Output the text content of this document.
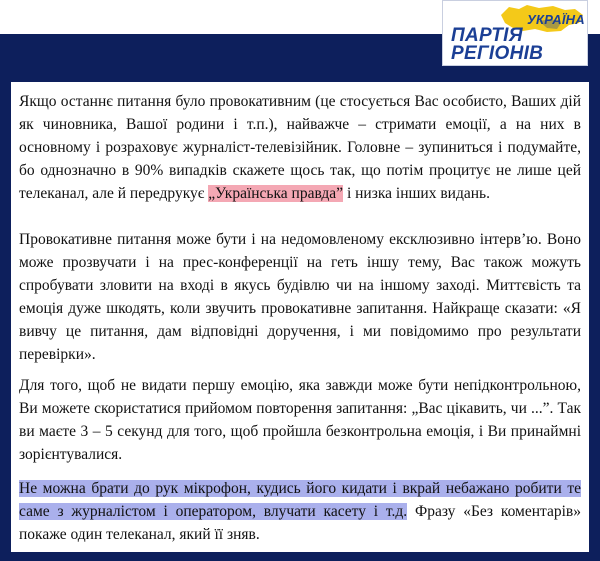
УКРАЇНА
ПАРТІЯ
РЕГІОНІВ

Якщо останнє питання було провокативним (це стосується Вас особисто, Ваших дій як чиновника, Вашої родини і т.п.), найважче – стримати емоції, а на них в основному і розраховує журналіст-телевізійник. Головне – зупиниться і подумайте, бо однозначно в 90% випадків скажете щось так, що потім процитує не лише цей телеканал, але й передрукує „Українська правда” і низка інших видань.

Провокативне питання може бути і на недомовленому ексклюзивно інтерв’ю. Воно може прозвучати і на прес-конференції на геть іншу тему, Вас також можуть спробувати зловити на вході в якусь будівлю чи на іншому заході. Миттєвість та емоція дуже шкодять, коли звучить провокативне запитання. Найкраще сказати: «Я вивчу це питання, дам відповідні доручення, і ми повідомимо про результати перевірки».

Для того, щоб не видати першу емоцію, яка завжди може бути непідконтрольною, Ви можете скористатися прийомом повторення запитання: „Вас цікавить, чи ...”. Так ви маєте 3 – 5 секунд для того, щоб пройшла безконтрольна емоція, і Ви принаймні зорієнтувалися.

Не можна брати до рук мікрофон, кудись його кидати і вкрай небажано робити те саме з журналістом і оператором, влучати касету і т.д. Фразу «Без коментарів» покаже один телеканал, який її зняв.
